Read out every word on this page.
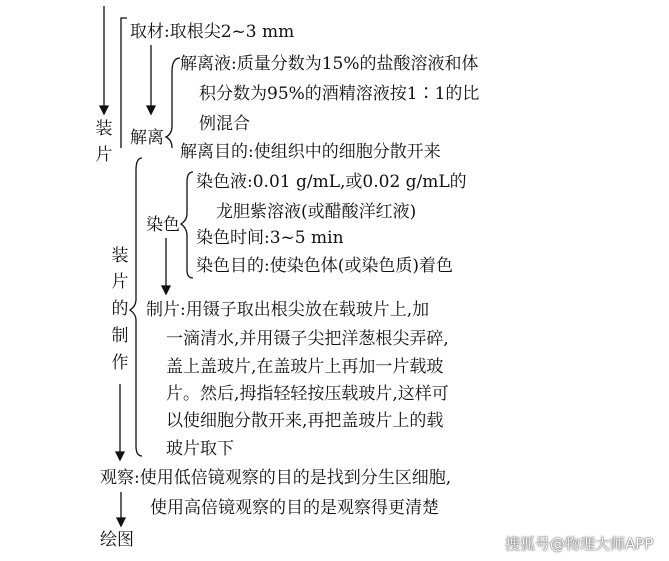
取材:取根尖2~3 mm
解离液:质量分数为15%的盐酸溶液和体
积分数为95%的酒精溶液按1∶1的比
例混合
解离
解离目的:使组织中的细胞分散开来
装
片
装
片
的
制
作
染色液:0.01 g/mL,或0.02 g/mL的
龙胆紫溶液(或醋酸洋红液)
染色
染色时间:3~5 min
染色目的:使染色体(或染色质)着色
制片:用镊子取出根尖放在载玻片上,加
一滴清水,并用镊子尖把洋葱根尖弄碎,
盖上盖玻片,在盖玻片上再加一片载玻
片。然后,拇指轻轻按压载玻片,这样可
以使细胞分散开来,再把盖玻片上的载
玻片取下
观察:使用低倍镜观察的目的是找到分生区细胞,
使用高倍镜观察的目的是观察得更清楚
绘图	搜狐号@物理大师APP
